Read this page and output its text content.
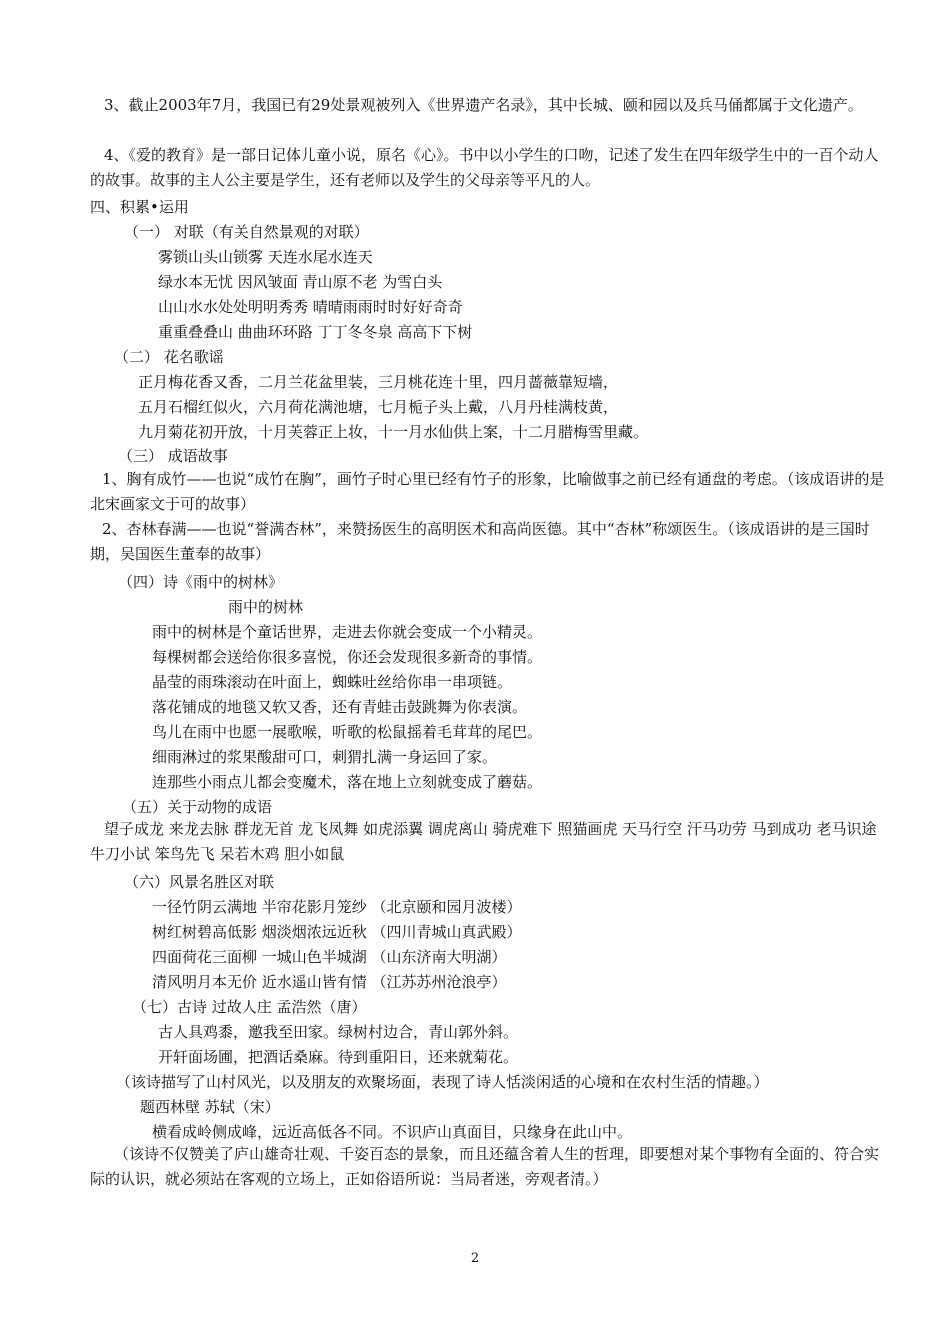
3、截止2003年7月，我国已有29处景观被列入《世界遗产名录》，其中长城、颐和园以及兵马俑都属于文化遗产。
4、《爱的教育》是一部日记体儿童小说，原名《心》。书中以小学生的口吻，记述了发生在四年级学生中的一百个动人的故事。故事的主人公主要是学生，还有老师以及学生的父母亲等平凡的人。
四、积累•运用
（一） 对联（有关自然景观的对联）
雾锁山头山锁雾 天连水尾水连天
绿水本无忧 因风皱面 青山原不老 为雪白头
山山水水处处明明秀秀 晴晴雨雨时时好好奇奇
重重叠叠山 曲曲环环路 丁丁冬冬泉 高高下下树
（二） 花名歌谣
正月梅花香又香，二月兰花盆里装，三月桃花连十里，四月蔷薇靠短墙，
五月石榴红似火，六月荷花满池塘，七月栀子头上戴，八月丹桂满枝黄，
九月菊花初开放，十月芙蓉正上妆，十一月水仙供上案，十二月腊梅雪里藏。
（三） 成语故事
1、胸有成竹——也说“成竹在胸”，画竹子时心里已经有竹子的形象，比喻做事之前已经有通盘的考虑。（该成语讲的是北宋画家文于可的故事）
2、杏林春满——也说“誉满杏林”，来赞扬医生的高明医术和高尚医德。其中“杏林”称颂医生。（该成语讲的是三国时期，吴国医生董奉的故事）
（四）诗《雨中的树林》
雨中的树林
雨中的树林是个童话世界，走进去你就会变成一个小精灵。
每棵树都会送给你很多喜悦，你还会发现很多新奇的事情。
晶莹的雨珠滚动在叶面上，蜘蛛吐丝给你串一串项链。
落花铺成的地毯又软又香，还有青蛙击鼓跳舞为你表演。
鸟儿在雨中也愿一展歌喉，听歌的松鼠摇着毛茸茸的尾巴。
细雨淋过的浆果酸甜可口，刺猬扎满一身运回了家。
连那些小雨点儿都会变魔术，落在地上立刻就变成了蘑菇。
（五）关于动物的成语
望子成龙 来龙去脉 群龙无首 龙飞凤舞 如虎添翼 调虎离山 骑虎难下 照猫画虎 天马行空 汗马功劳 马到成功 老马识途 牛刀小试 笨鸟先飞 呆若木鸡 胆小如鼠
（六）风景名胜区对联
一径竹阴云满地 半帘花影月笼纱 （北京颐和园月波楼）
树红树碧高低影 烟淡烟浓远近秋 （四川青城山真武殿）
四面荷花三面柳 一城山色半城湖 （山东济南大明湖）
清风明月本无价 近水遥山皆有情 （江苏苏州沧浪亭）
（七）古诗 过故人庄 孟浩然（唐）
古人具鸡黍，邀我至田家。绿树村边合，青山郭外斜。
开轩面场圃，把酒话桑麻。待到重阳日，还来就菊花。
（该诗描写了山村风光，以及朋友的欢聚场面，表现了诗人恬淡闲适的心境和在农村生活的情趣。）
题西林壁 苏轼（宋）
横看成岭侧成峰，远近高低各不同。不识庐山真面目，只缘身在此山中。
（该诗不仅赞美了庐山雄奇壮观、千姿百态的景象，而且还蕴含着人生的哲理，即要想对某个事物有全面的、符合实际的认识，就必须站在客观的立场上，正如俗语所说：当局者迷，旁观者清。）
2
